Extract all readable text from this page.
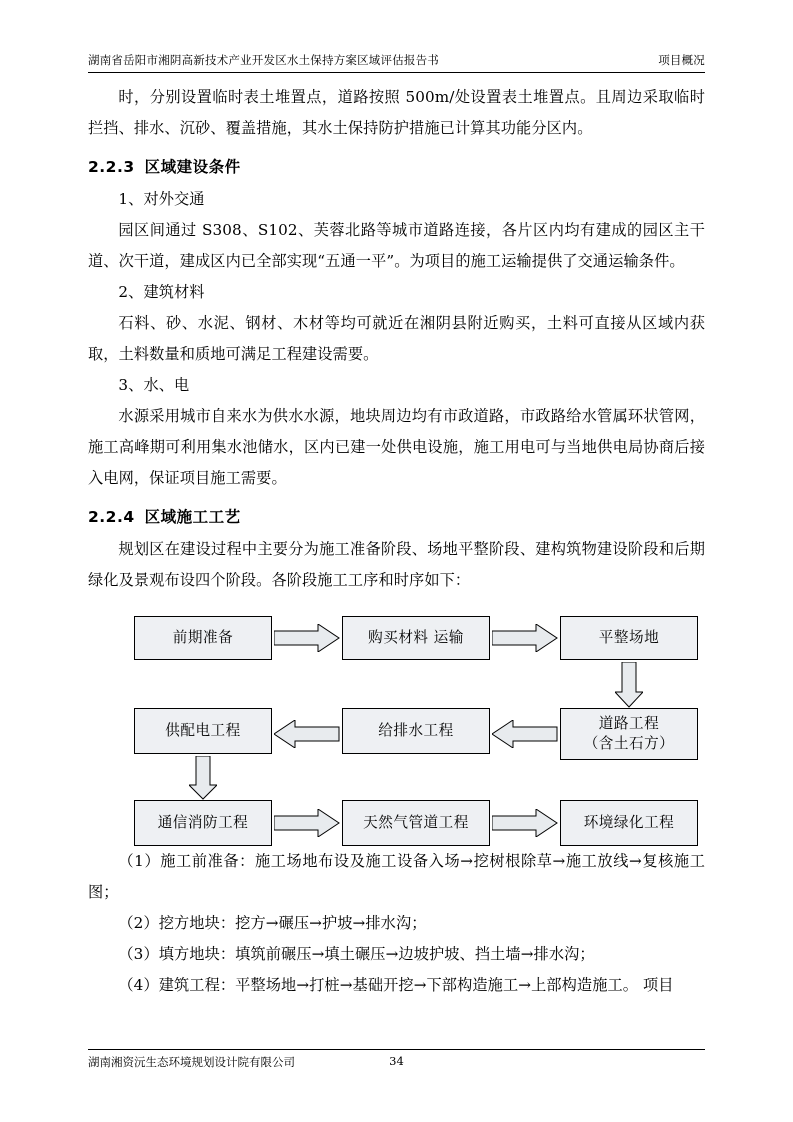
湖南省岳阳市湘阴高新技术产业开发区水土保持方案区域评估报告书	项目概况

时，分别设置临时表土堆置点，道路按照 500m/处设置表土堆置点。且周边采取临时拦挡、排水、沉砂、覆盖措施，其水土保持防护措施已计算其功能分区内。

2.2.3 区域建设条件

1、对外交通

园区间通过 S308、S102、芙蓉北路等城市道路连接，各片区内均有建成的园区主干道、次干道，建成区内已全部实现“五通一平”。为项目的施工运输提供了交通运输条件。

2、建筑材料

石料、砂、水泥、钢材、木材等均可就近在湘阴县附近购买，土料可直接从区域内获取，土料数量和质地可满足工程建设需要。

3、水、电

水源采用城市自来水为供水水源，地块周边均有市政道路，市政路给水管属环状管网，施工高峰期可利用集水池储水，区内已建一处供电设施，施工用电可与当地供电局协商后接入电网，保证项目施工需要。

2.2.4 区域施工工艺

规划区在建设过程中主要分为施工准备阶段、场地平整阶段、建构筑物建设阶段和后期绿化及景观布设四个阶段。各阶段施工工序和时序如下：

前期准备	购买材料 运输	平整场地
道路工程
（含土石方）
给排水工程
供配电工程
通信消防工程	天然气管道工程	环境绿化工程

（1）施工前准备：施工场地布设及施工设备入场→挖树根除草→施工放线→复核施工图；

（2）挖方地块：挖方→碾压→护坡→排水沟；

（3）填方地块：填筑前碾压→填土碾压→边坡护坡、挡土墙→排水沟；

（4）建筑工程：平整场地→打桩→基础开挖→下部构造施工→上部构造施工。 项目

湖南湘资沅生态环境规划设计院有限公司	34
